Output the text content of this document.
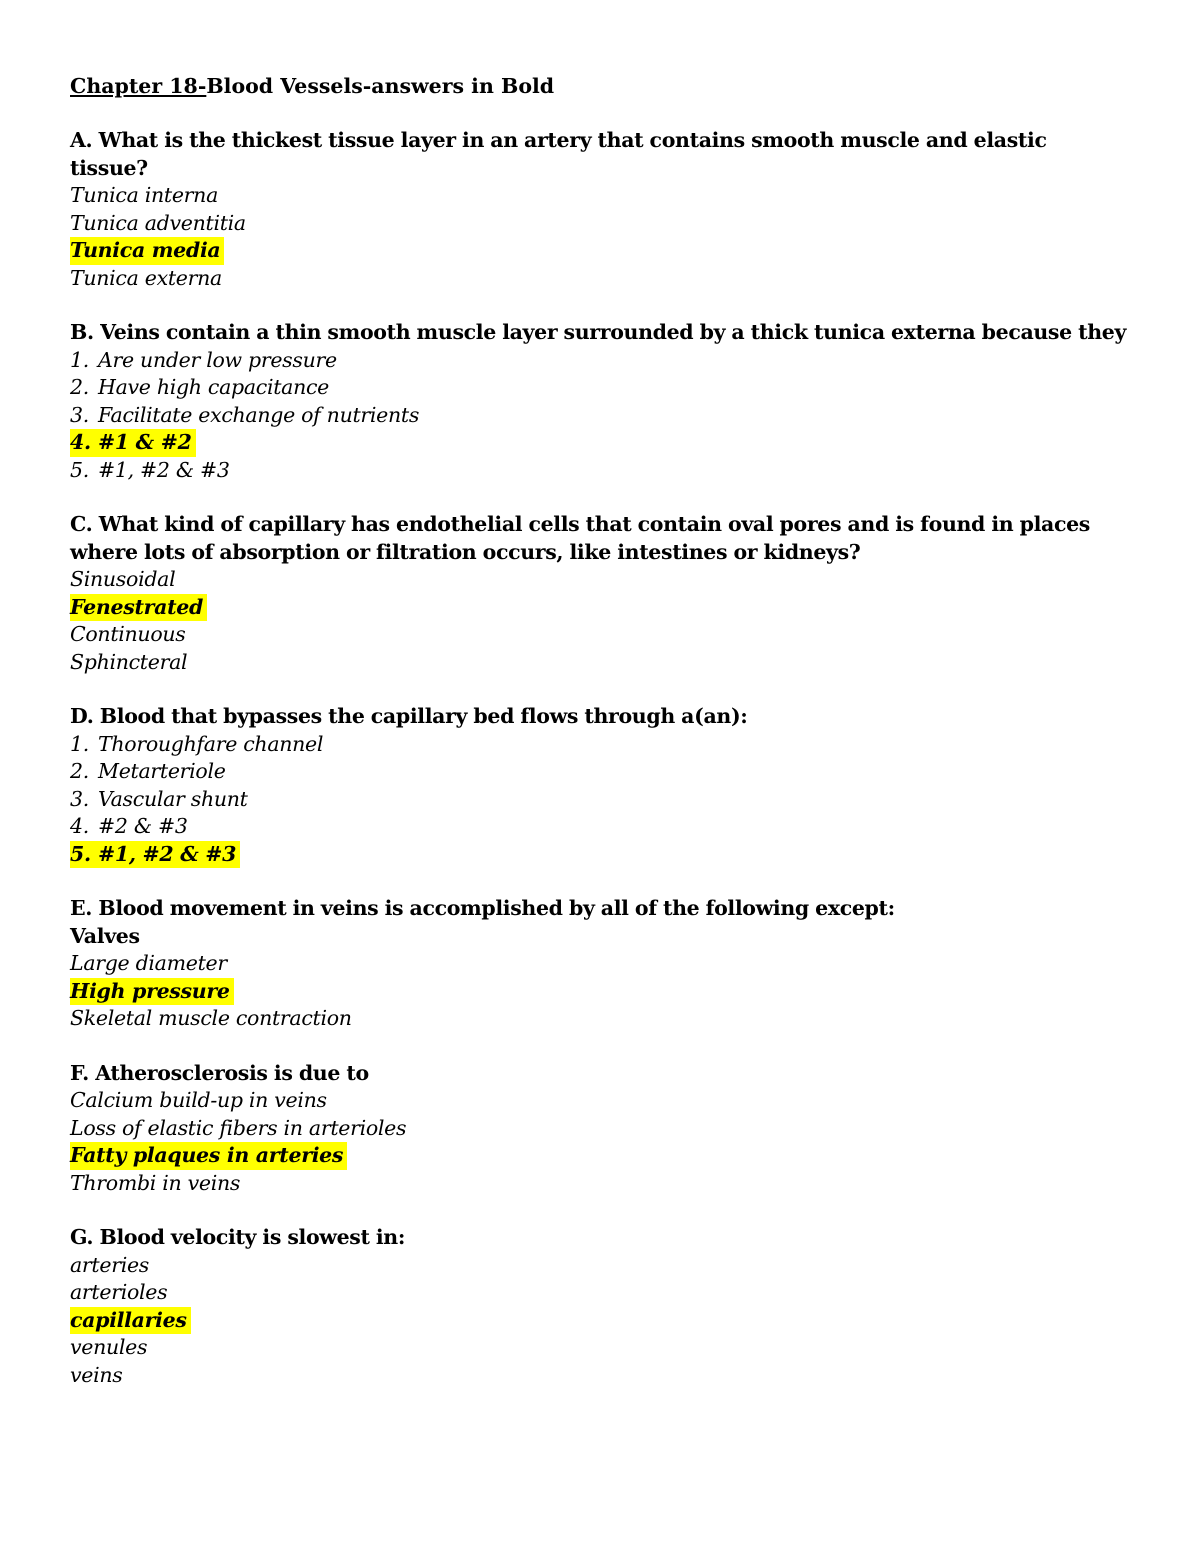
Chapter 18-Blood Vessels-answers in Bold
A. What is the thickest tissue layer in an artery that contains smooth muscle and elastic tissue?
Tunica interna
Tunica adventitia
Tunica media
Tunica externa
B. Veins contain a thin smooth muscle layer surrounded by a thick tunica externa because they
1. Are under low pressure
2. Have high capacitance
3. Facilitate exchange of nutrients
4. #1 & #2
5. #1, #2 & #3
C. What kind of capillary has endothelial cells that contain oval pores and is found in places where lots of absorption or filtration occurs, like intestines or kidneys?
Sinusoidal
Fenestrated
Continuous
Sphincteral
D. Blood that bypasses the capillary bed flows through a(an):
1. Thoroughfare channel
2. Metarteriole
3. Vascular shunt
4. #2 & #3
5. #1, #2 & #3
E. Blood movement in veins is accomplished by all of the following except:
Valves
Large diameter
High pressure
Skeletal muscle contraction
F. Atherosclerosis is due to
Calcium build-up in veins
Loss of elastic fibers in arterioles
Fatty plaques in arteries
Thrombi in veins
G. Blood velocity is slowest in:
arteries
arterioles
capillaries
venules
veins
